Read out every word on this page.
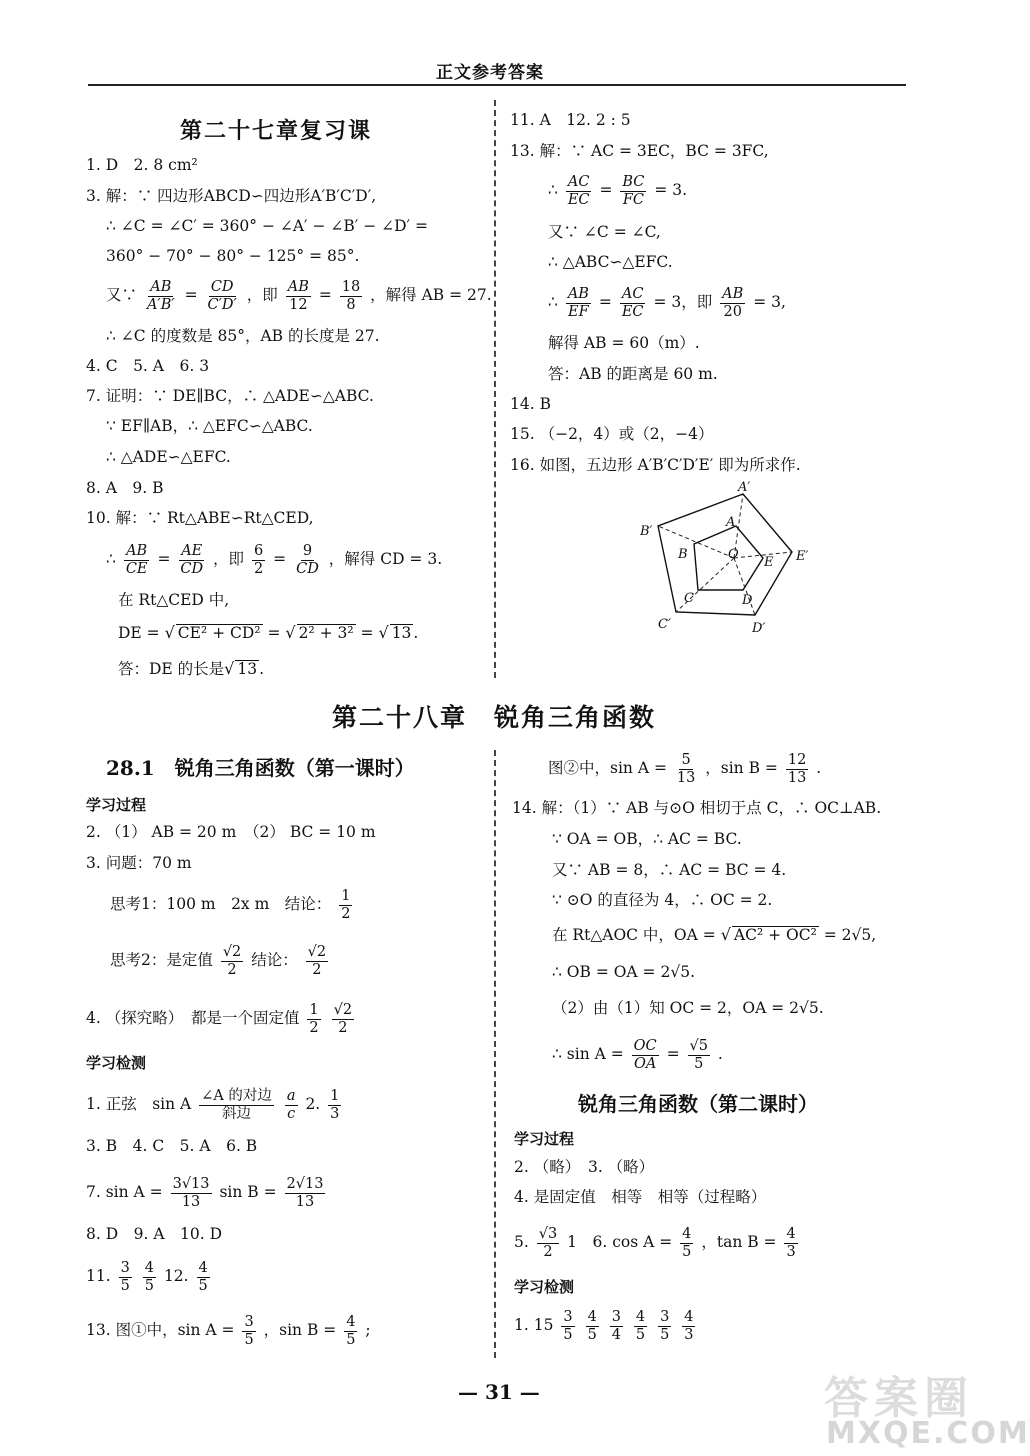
正文参考答案
第二十七章复习课
1. D　2. 8 cm²
3. 解：∵ 四边形ABCD∽四边形A′B′C′D′,
∴ ∠C = ∠C′ = 360° − ∠A′ − ∠B′ − ∠D′ =
360° − 70° − 80° − 125° = 85°.
又∵ $\frac{AB}{A'B'} = \frac{CD}{C'D'}$ ，即 $\frac{AB}{12} = \frac{18}{8}$ ，解得 AB = 27.
∴ ∠C 的度数是 85°，AB 的长度是 27.
4. C　5. A　6. 3
7. 证明：∵ DE∥BC，∴ △ADE∽△ABC.
∵ EF∥AB，∴ △EFC∽△ABC.
∴ △ADE∽△EFC.
8. A　9. B
10. 解：∵ Rt△ABE∽Rt△CED,
∴ $\frac{AB}{CE} = \frac{AE}{CD}$ ，即 $\frac{6}{2} = \frac{9}{CD}$ ，解得 CD = 3.
在 Rt△CED 中,
DE = √ CE² + CD² = √ 2² + 3² = √ 13 .
答：DE 的长是√ 13 .
11. A　12. 2 : 5
13. 解：∵ AC = 3EC，BC = 3FC,
∴ $\frac{AC}{EC} = \frac{BC}{FC} = 3$.
又∵ ∠C = ∠C,
∴ △ABC∽△EFC.
∴ $\frac{AB}{EF} = \frac{AC}{EC} = 3$，即 $\frac{AB}{20} = 3$,
解得 AB = 60（m）.
答：AB 的距离是 60 m.
14. B
15. （−2，4）或（2，−4）
16. 如图，五边形 A′B′C′D′E′ 即为所求作.
A′
B′
C′	D′
E′
A
B
C	D
E
O
第二十八章　锐角三角函数
28.1　锐角三角函数（第一课时）
学习过程
2. （1） AB = 20 m　（2） BC = 10 m
3. 问题：70 m
思考1：100 m　2x m　结论： $\frac{1}{2}$
思考2：是定值 $\frac{√2}{2}$ 结论： $\frac{√2}{2}$
4. （探究略）　都是一个固定值 $\frac{1}{2}$
$\frac{√2}{2}$
学习检测
1. 正弦　sin A $\frac{\text{∠A 的对边}}{\text{斜边}}$
$\frac{a}{c} 2$. $\frac{1}{3}$
3. B　4. C　5. A　6. B
7. $\sin A = \frac{3√13}{13}$ $\sin B = \frac{2√13}{13}$
8. D　9. A　10. D
11. $\frac{3}{5}$
$\frac{4}{5} 12$. $\frac{4}{5}$
13. 图①中，$\sin A = \frac{3}{5}$ ，$\sin B = \frac{4}{5}$ ;
图②中，$\sin A = \frac{5}{13}$ ，$\sin B = \frac{12}{13}$ .
14. 解：（1）∵ AB 与⊙O 相切于点 C，∴ OC⊥AB.
∵ OA = OB，∴ AC = BC.
又∵ AB = 8，∴ AC = BC = 4.
∵ ⊙O 的直径为 4，∴ OC = 2.
在 Rt△AOC 中，OA = √ AC² + OC² = 2√5,
∴ OB = OA = 2√5.
（2）由（1）知 OC = 2，OA = 2√5.
∴ $\sin A = \frac{OC}{OA} = \frac{√5}{5}$ .
锐角三角函数（第二课时）
学习过程
2. （略）　3. （略）
4. 是固定值　相等　相等（过程略）
5. $\frac{√3}{2} 1$　6. $\cos A = \frac{4}{5}$ ，$\tan B = \frac{4}{3}$
学习检测
1. $15 \frac{3}{5}$
$\frac{4}{5}$
$\frac{3}{4}$
$\frac{4}{5}$
$\frac{3}{5}$
$\frac{4}{3}$
— 31 —	答案圈
MXQE.COM
